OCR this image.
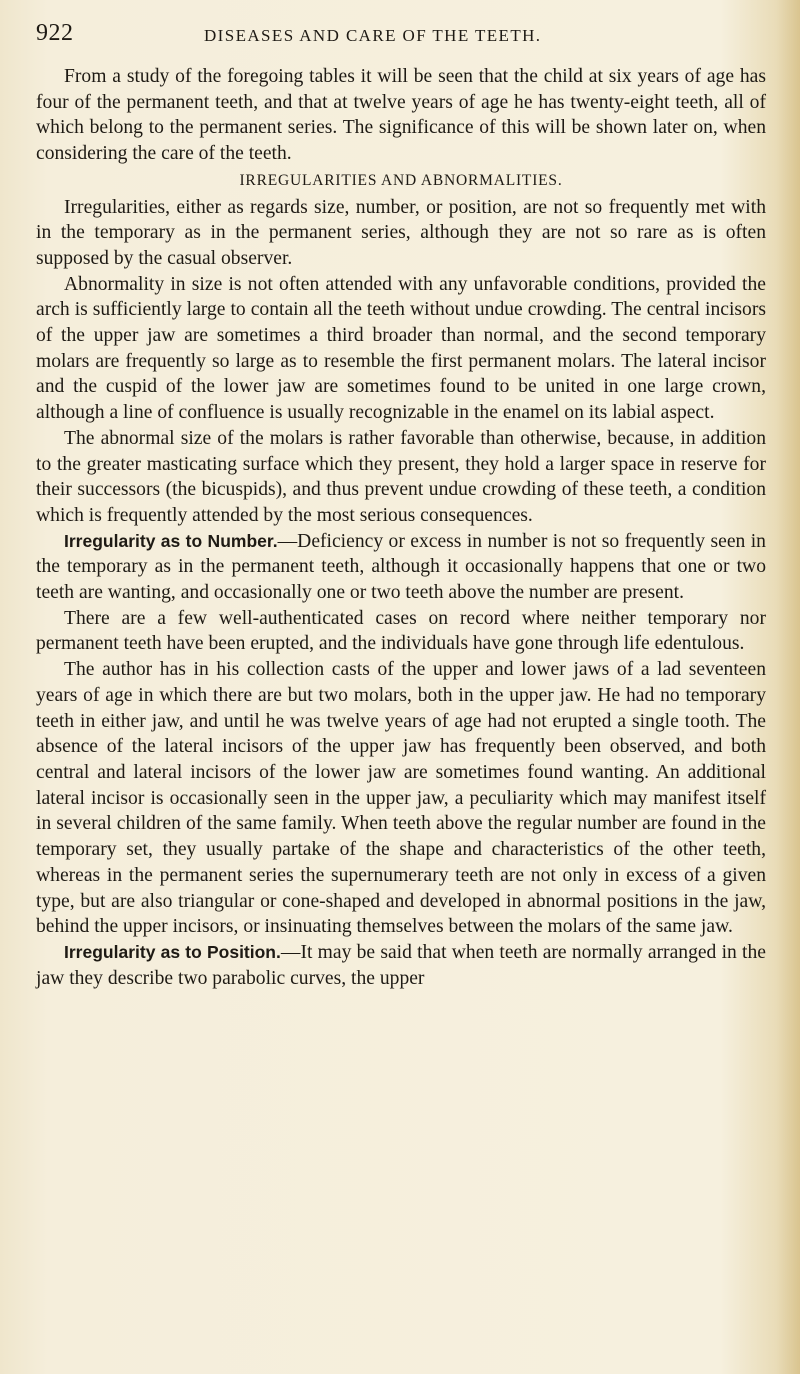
922	DISEASES AND CARE OF THE TEETH.

From a study of the foregoing tables it will be seen that the child at six years of age has four of the permanent teeth, and that at twelve years of age he has twenty-eight teeth, all of which belong to the permanent series. The significance of this will be shown later on, when considering the care of the teeth.

IRREGULARITIES AND ABNORMALITIES.

Irregularities, either as regards size, number, or position, are not so frequently met with in the temporary as in the permanent series, although they are not so rare as is often supposed by the casual observer.

Abnormality in size is not often attended with any unfavorable conditions, provided the arch is sufficiently large to contain all the teeth without undue crowding. The central incisors of the upper jaw are sometimes a third broader than normal, and the second temporary molars are frequently so large as to resemble the first permanent molars. The lateral incisor and the cuspid of the lower jaw are sometimes found to be united in one large crown, although a line of confluence is usually recognizable in the enamel on its labial aspect.

The abnormal size of the molars is rather favorable than otherwise, because, in addition to the greater masticating surface which they present, they hold a larger space in reserve for their successors (the bicuspids), and thus prevent undue crowding of these teeth, a condition which is frequently attended by the most serious consequences.

Irregularity as to Number.—Deficiency or excess in number is not so frequently seen in the temporary as in the permanent teeth, although it occasionally happens that one or two teeth are wanting, and occasionally one or two teeth above the number are present.

There are a few well-authenticated cases on record where neither temporary nor permanent teeth have been erupted, and the individuals have gone through life edentulous.

The author has in his collection casts of the upper and lower jaws of a lad seventeen years of age in which there are but two molars, both in the upper jaw. He had no temporary teeth in either jaw, and until he was twelve years of age had not erupted a single tooth. The absence of the lateral incisors of the upper jaw has frequently been observed, and both central and lateral incisors of the lower jaw are sometimes found wanting. An additional lateral incisor is occasionally seen in the upper jaw, a peculiarity which may manifest itself in several children of the same family. When teeth above the regular number are found in the temporary set, they usually partake of the shape and characteristics of the other teeth, whereas in the permanent series the supernumerary teeth are not only in excess of a given type, but are also triangular or cone-shaped and developed in abnormal positions in the jaw, behind the upper incisors, or insinuating themselves between the molars of the same jaw.

Irregularity as to Position.—It may be said that when teeth are normally arranged in the jaw they describe two parabolic curves, the upper
